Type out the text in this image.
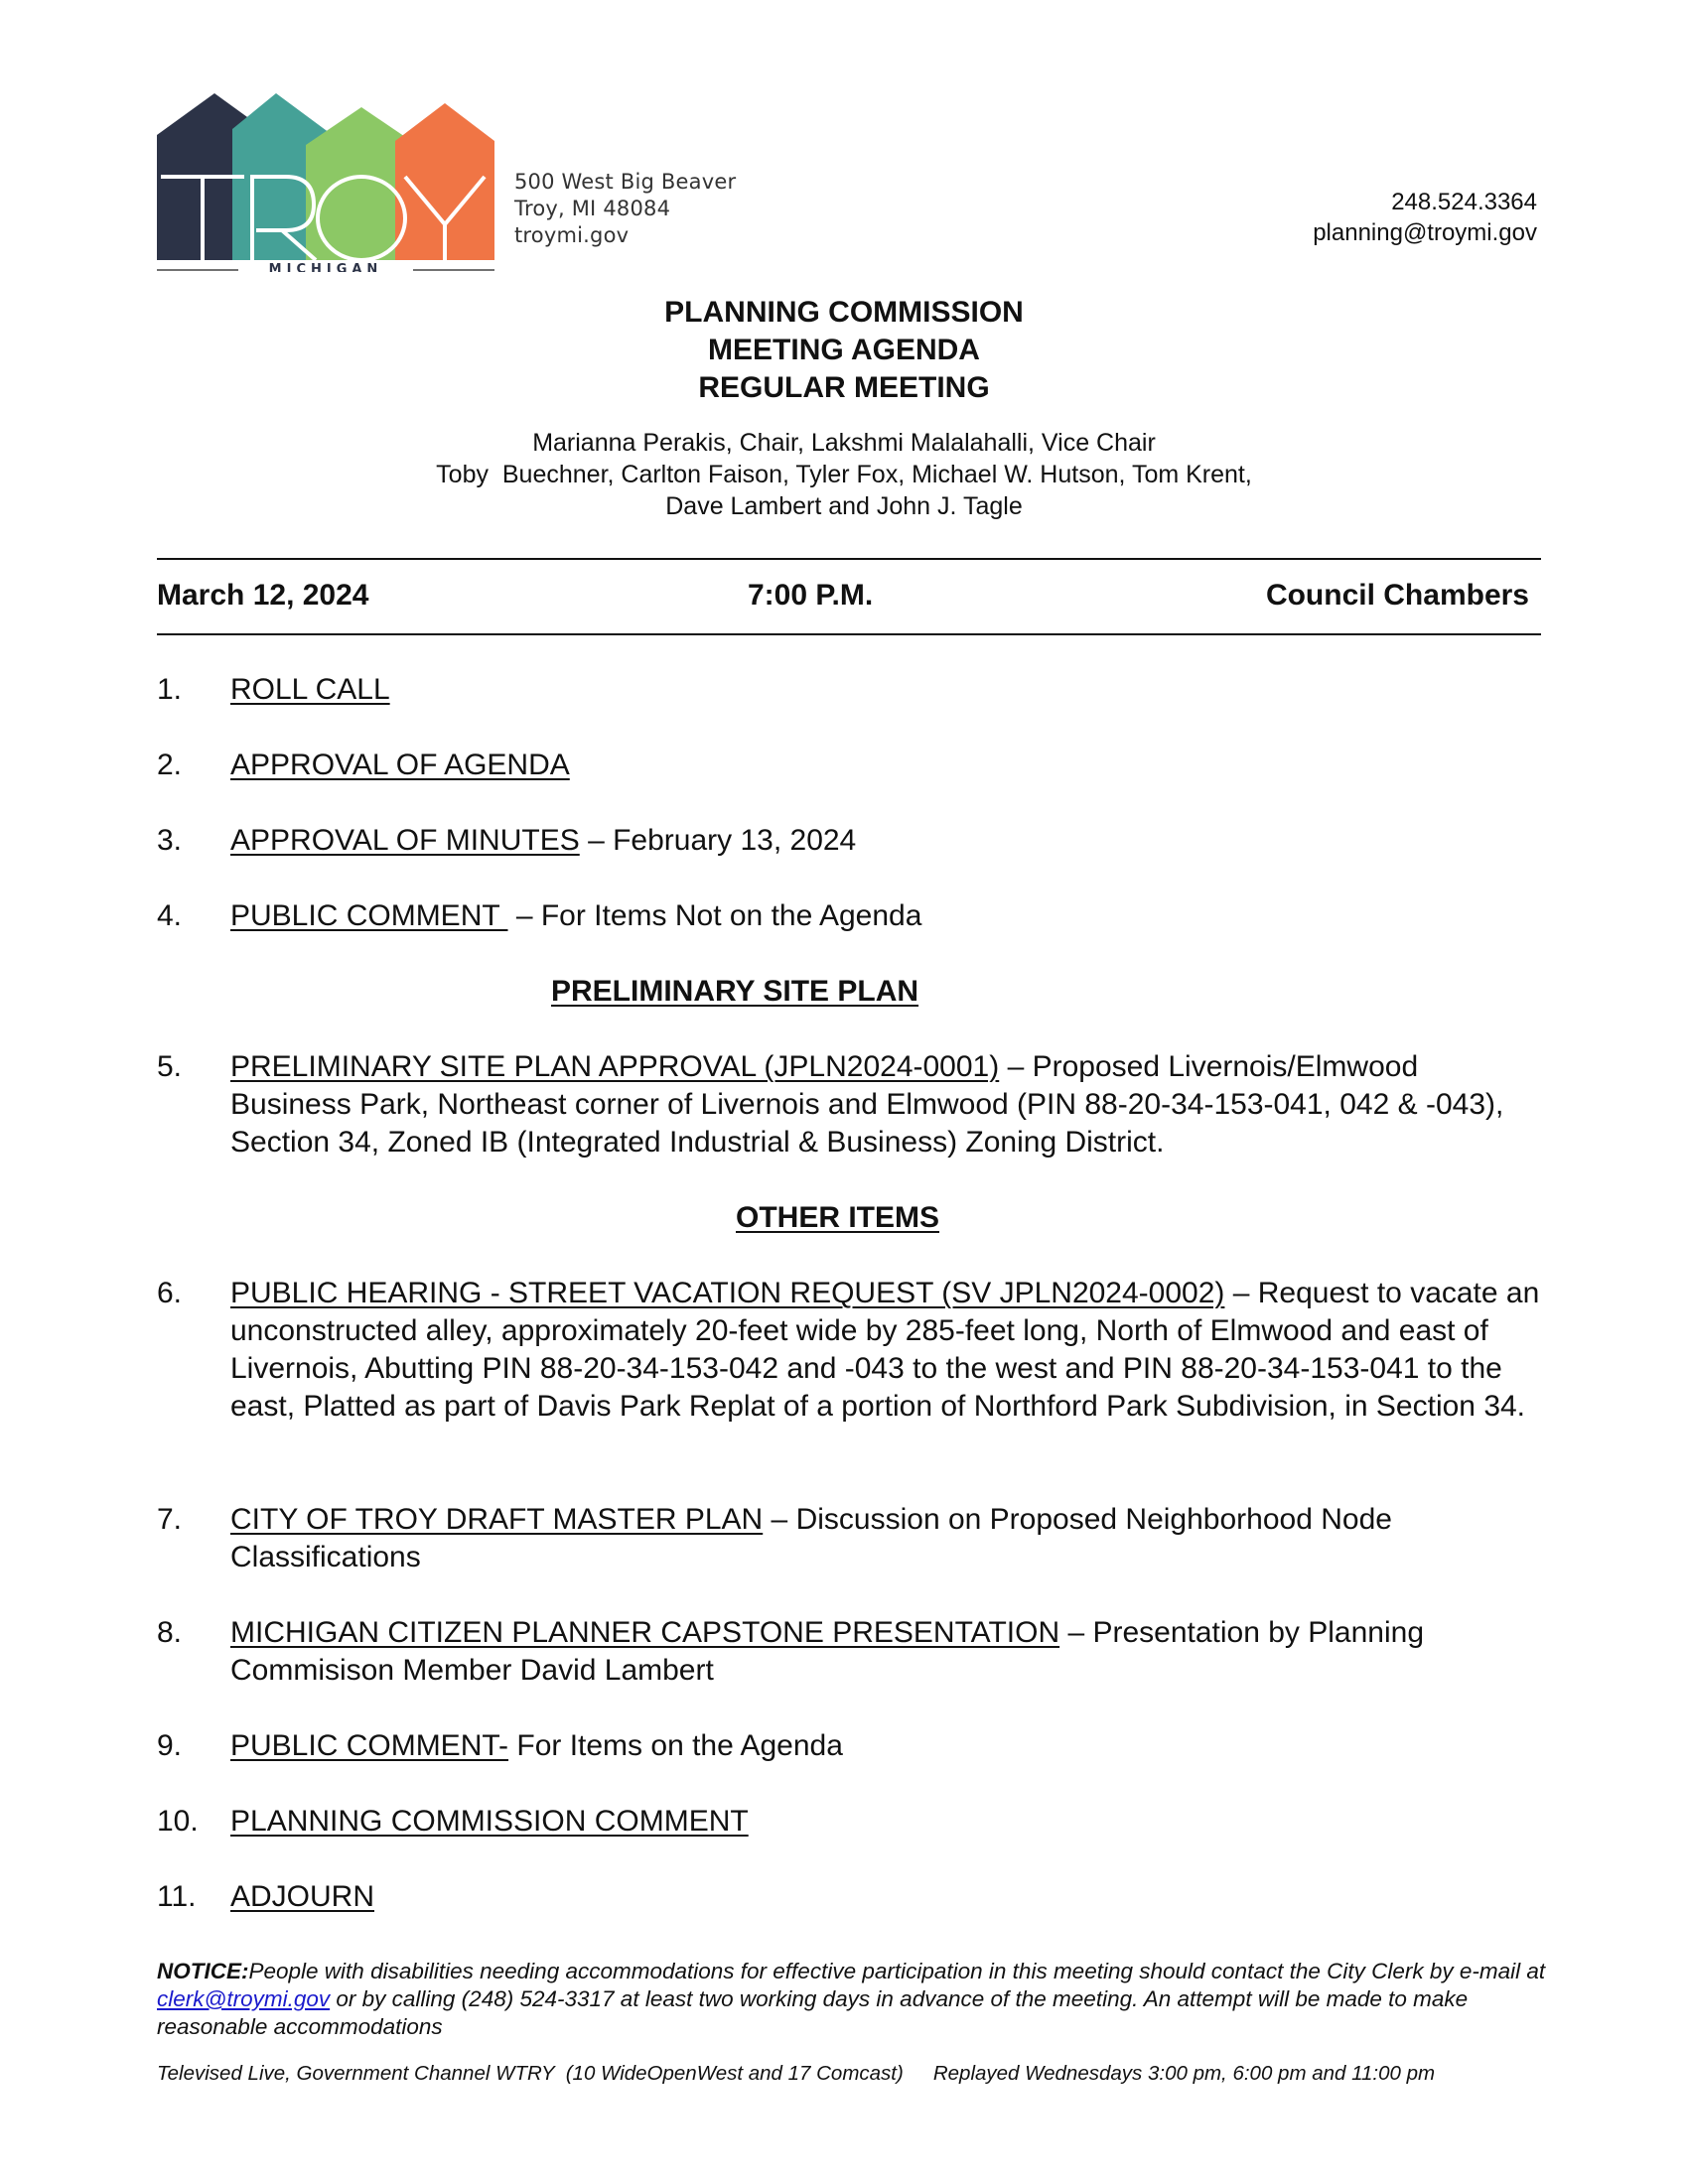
MICHIGAN
500 West Big Beaver
Troy, MI 48084
troymi.gov
248.524.3364
planning@troymi.gov
PLANNING COMMISSION
MEETING AGENDA
REGULAR MEETING
Marianna Perakis, Chair, Lakshmi Malalahalli, Vice Chair
Toby  Buechner, Carlton Faison, Tyler Fox, Michael W. Hutson, Tom Krent,
Dave Lambert and John J. Tagle
March 12, 2024	7:00 P.M.	Council Chambers
1. ROLL CALL
2. APPROVAL OF AGENDA
3. APPROVAL OF MINUTES – February 13, 2024
4. PUBLIC COMMENT  – For Items Not on the Agenda
PRELIMINARY SITE PLAN
5. PRELIMINARY SITE PLAN APPROVAL (JPLN2024-0001) – Proposed Livernois/Elmwood Business Park, Northeast corner of Livernois and Elmwood (PIN 88-20-34-153-041, 042 & -043), Section 34, Zoned IB (Integrated Industrial & Business) Zoning District.
OTHER ITEMS
6. PUBLIC HEARING - STREET VACATION REQUEST (SV JPLN2024-0002) – Request to vacate an unconstructed alley, approximately 20-feet wide by 285-feet long, North of Elmwood and east of Livernois, Abutting PIN 88-20-34-153-042 and -043 to the west and PIN 88-20-34-153-041 to the east, Platted as part of Davis Park Replat of a portion of Northford Park Subdivision, in Section 34.
7. CITY OF TROY DRAFT MASTER PLAN – Discussion on Proposed Neighborhood Node Classifications
8. MICHIGAN CITIZEN PLANNER CAPSTONE PRESENTATION – Presentation by Planning Commisison Member David Lambert
9. PUBLIC COMMENT- For Items on the Agenda
10. PLANNING COMMISSION COMMENT
11. ADJOURN
NOTICE:People with disabilities needing accommodations for effective participation in this meeting should contact the City Clerk by e-mail at clerk@troymi.gov or by calling (248) 524-3317 at least two working days in advance of the meeting. An attempt will be made to make reasonable accommodations
Televised Live, Government Channel WTRY  (10 WideOpenWest and 17 Comcast) Replayed Wednesdays 3:00 pm, 6:00 pm and 11:00 pm
